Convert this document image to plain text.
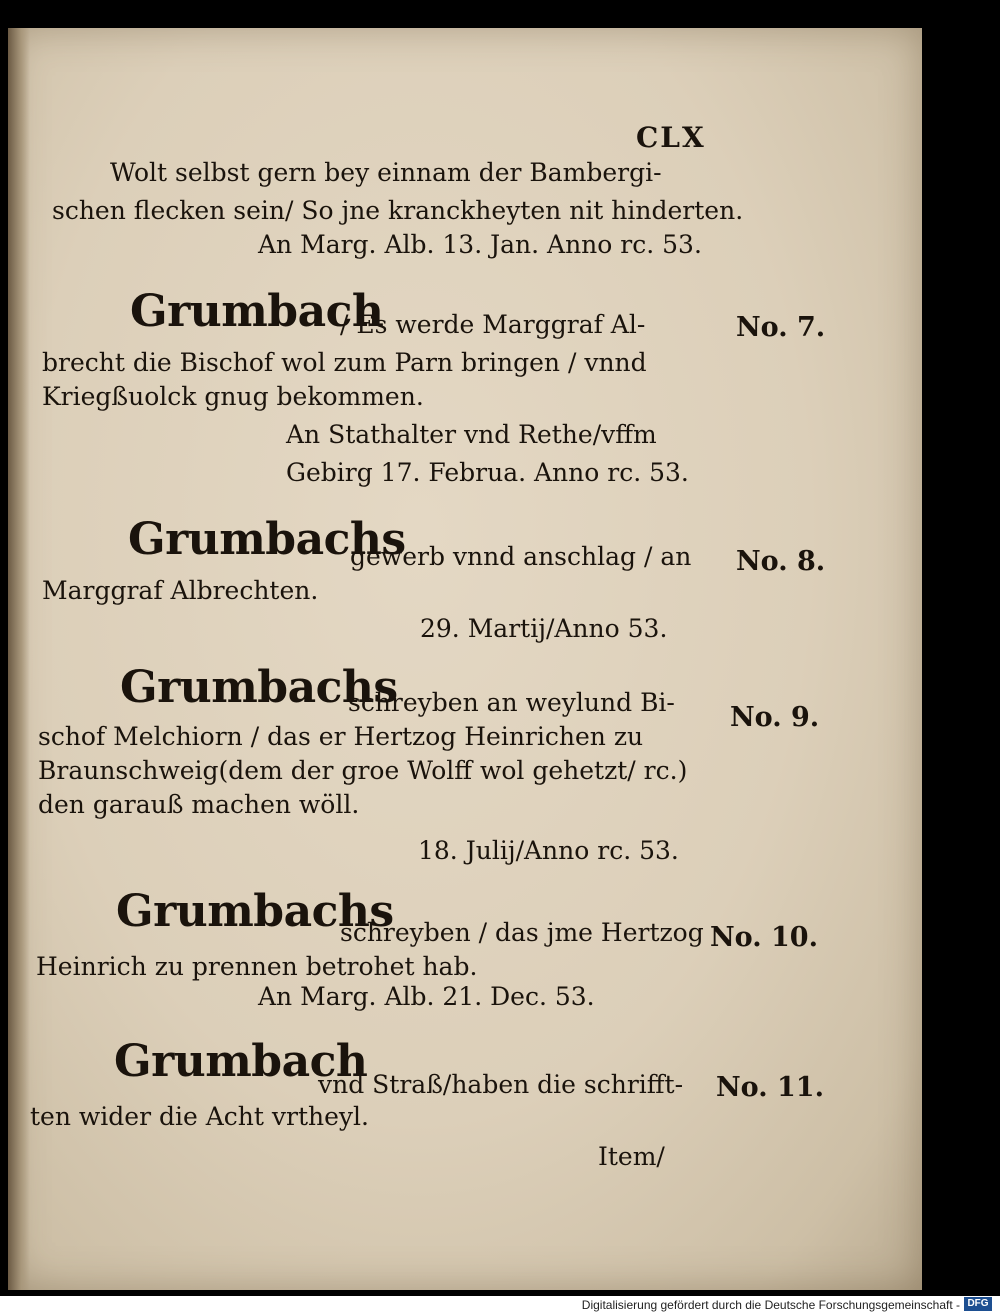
CLX
Wolt selbst gern bey einnam der Bambergi-
schen flecken sein/ So jne kranckheyten nit hinderten.
An Marg. Alb. 13. Jan. Anno rc. 53.
Grumbach
/ Es werde Marggraf Al-	No. 7.
brecht die Bischof wol zum Parn bringen / vnnd
Kriegßuolck gnug bekommen.
An Stathalter vnd Rethe/vffm
Gebirg 17. Februa. Anno rc. 53.
Grumbachs
gewerb vnnd anschlag / an No. 8.
Marggraf Albrechten.
29. Martij/Anno 53.
Grumbachs
schreyben an weylund Bi- No. 9.
schof Melchiorn / das er Hertzog Heinrichen zu
Braunschweig(dem der groe Wolff wol gehetzt/ rc.)
den garauß machen wöll.
18. Julij/Anno rc. 53.
Grumbachs
schreyben / das jme Hertzog No. 10.
Heinrich zu prennen betrohet hab.
An Marg. Alb. 21. Dec. 53.
Grumbach
vnd Straß/haben die schrifft- No. 11.
ten wider die Acht vrtheyl.
Item/
Digitalisierung gefördert durch die Deutsche Forschungsgemeinschaft - DFG
